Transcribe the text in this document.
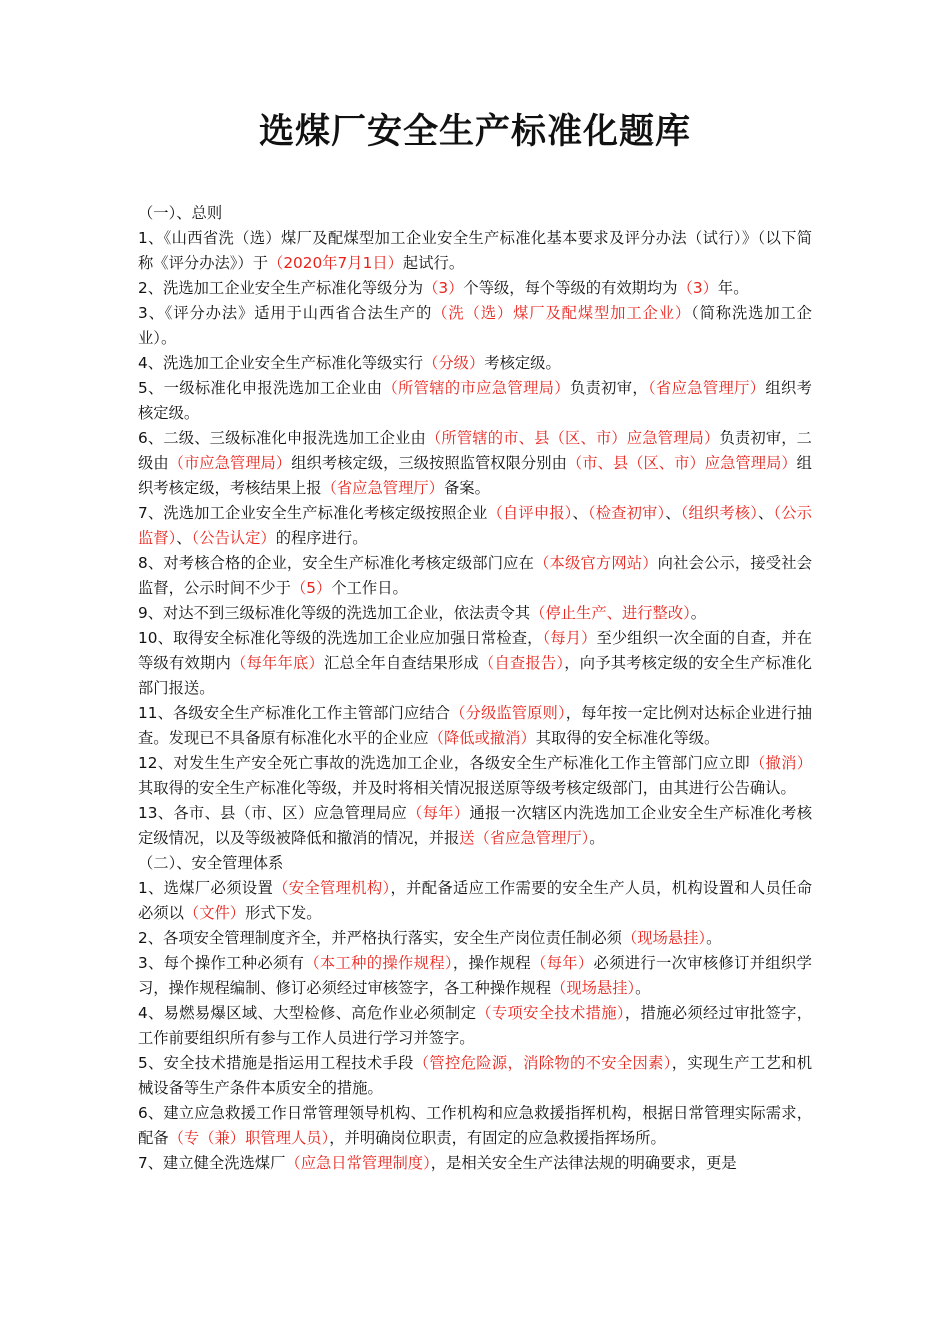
选煤厂安全生产标准化题库

（一）、总则

1、《山西省洗（选）煤厂及配煤型加工企业安全生产标准化基本要求及评分办法（试行）》（以下简称《评分办法》）于（2020年7月1日）起试行。

2、洗选加工企业安全生产标准化等级分为（3）个等级，每个等级的有效期均为（3）年。

3、《评分办法》适用于山西省合法生产的（洗（选）煤厂及配煤型加工企业）（简称洗选加工企业）。

4、洗选加工企业安全生产标准化等级实行（分级）考核定级。

5、一级标准化申报洗选加工企业由（所管辖的市应急管理局）负责初审，（省应急管理厅）组织考核定级。

6、二级、三级标准化申报洗选加工企业由（所管辖的市、县（区、市）应急管理局）负责初审，二级由（市应急管理局）组织考核定级，三级按照监管权限分别由（市、县（区、市）应急管理局）组织考核定级，考核结果上报（省应急管理厅）备案。

7、洗选加工企业安全生产标准化考核定级按照企业（自评申报）、（检查初审）、（组织考核）、（公示监督）、（公告认定）的程序进行。

8、对考核合格的企业，安全生产标准化考核定级部门应在（本级官方网站）向社会公示，接受社会监督，公示时间不少于（5）个工作日。

9、对达不到三级标准化等级的洗选加工企业，依法责令其（停止生产、进行整改）。

10、取得安全标准化等级的洗选加工企业应加强日常检查，（每月）至少组织一次全面的自查，并在等级有效期内（每年年底）汇总全年自查结果形成（自查报告），向予其考核定级的安全生产标准化部门报送。

11、各级安全生产标准化工作主管部门应结合（分级监管原则），每年按一定比例对达标企业进行抽查。发现已不具备原有标准化水平的企业应（降低或撤消）其取得的安全标准化等级。

12、对发生生产安全死亡事故的洗选加工企业，各级安全生产标准化工作主管部门应立即（撤消）其取得的安全生产标准化等级，并及时将相关情况报送原等级考核定级部门，由其进行公告确认。

13、各市、县（市、区）应急管理局应（每年）通报一次辖区内洗选加工企业安全生产标准化考核定级情况，以及等级被降低和撤消的情况，并报送（省应急管理厅）。

（二）、安全管理体系

1、选煤厂必须设置（安全管理机构），并配备适应工作需要的安全生产人员，机构设置和人员任命必须以（文件）形式下发。

2、各项安全管理制度齐全，并严格执行落实，安全生产岗位责任制必须（现场悬挂）。

3、每个操作工种必须有（本工种的操作规程），操作规程（每年）必须进行一次审核修订并组织学习，操作规程编制、修订必须经过审核签字，各工种操作规程（现场悬挂）。

4、易燃易爆区域、大型检修、高危作业必须制定（专项安全技术措施），措施必须经过审批签字，工作前要组织所有参与工作人员进行学习并签字。

5、安全技术措施是指运用工程技术手段（管控危险源，消除物的不安全因素），实现生产工艺和机械设备等生产条件本质安全的措施。

6、建立应急救援工作日常管理领导机构、工作机构和应急救援指挥机构，根据日常管理实际需求，配备（专（兼）职管理人员），并明确岗位职责，有固定的应急救援指挥场所。

7、建立健全洗选煤厂（应急日常管理制度），是相关安全生产法律法规的明确要求，更是
